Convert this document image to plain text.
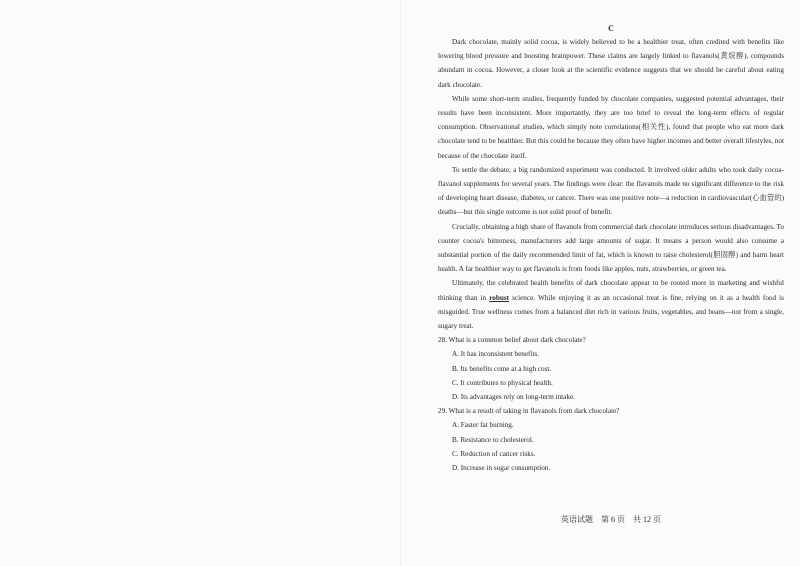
C

Dark chocolate, mainly solid cocoa, is widely believed to be a healthier treat, often credited with benefits like lowering blood pressure and boosting brainpower. These claims are largely linked to flavanols(黄烷醇), compounds abundant in cocoa. However, a closer look at the scientific evidence suggests that we should be careful about eating dark chocolate.

While some short-term studies, frequently funded by chocolate companies, suggested potential advantages, their results have been inconsistent. More importantly, they are too brief to reveal the long-term effects of regular consumption. Observational studies, which simply note correlations(相关性), found that people who eat more dark chocolate tend to be healthier. But this could be because they often have higher incomes and better overall lifestyles, not because of the chocolate itself.

To settle the debate, a big randomized experiment was conducted. It involved older adults who took daily cocoa-flavanol supplements for several years. The findings were clear: the flavanols made no significant difference to the risk of developing heart disease, diabetes, or cancer. There was one positive note—a reduction in cardiovascular(心血管的) deaths—but this single outcome is not solid proof of benefit.

Crucially, obtaining a high share of flavanols from commercial dark chocolate introduces serious disadvantages. To counter cocoa's bitterness, manufacturers add large amounts of sugar. It means a person would also consume a substantial portion of the daily recommended limit of fat, which is known to raise cholesterol(胆固醇) and harm heart health. A far healthier way to get flavanols is from foods like apples, nuts, strawberries, or green tea.

Ultimately, the celebrated health benefits of dark chocolate appear to be rooted more in marketing and wishful thinking than in robust science. While enjoying it as an occasional treat is fine, relying on it as a health food is misguided. True wellness comes from a balanced diet rich in various fruits, vegetables, and beans—not from a single, sugary treat.

28. What is a common belief about dark chocolate?

A. It has inconsistent benefits.

B. Its benefits come at a high cost.

C. It contributes to physical health.

D. Its advantages rely on long-term intake.

29. What is a result of taking in flavanols from dark chocolate?

A. Faster fat burning.

B. Resistance to cholesterol.

C. Reduction of cancer risks.

D. Increase in sugar consumption.

英语试题　第 6 页　共 12 页
